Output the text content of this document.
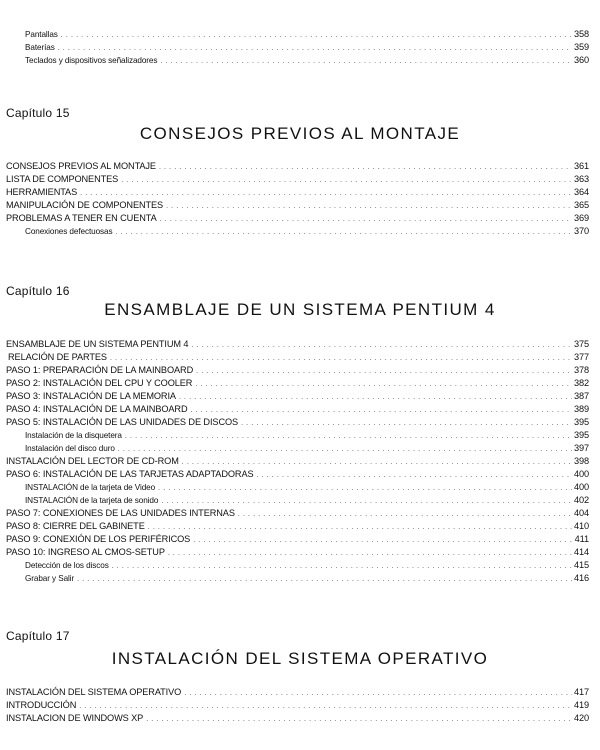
Pantallas . . .	358
Baterías . . .	359
Teclados y dispositivos señalizadores . . .	360
Capítulo 15
CONSEJOS PREVIOS AL MONTAJE
CONSEJOS PREVIOS AL MONTAJE . . .	361
LISTA DE COMPONENTES . . .	363
HERRAMIENTAS . . .	364
MANIPULACIÓN DE COMPONENTES . . .	365
PROBLEMAS A TENER EN CUENTA . . .	369
Conexiones defectuosas . . .	370
Capítulo 16
ENSAMBLAJE DE UN SISTEMA PENTIUM 4
ENSAMBLAJE DE UN SISTEMA PENTIUM 4 . . .	375
RELACIÓN DE PARTES . . .	377
PASO 1: PREPARACIÓN DE LA MAINBOARD . . .	378
PASO 2: INSTALACIÓN DEL CPU Y COOLER . . .	382
PASO 3: INSTALACIÓN DE LA MEMORIA . . .	387
PASO 4: INSTALACIÓN DE LA MAINBOARD . . .	389
PASO 5: INSTALACIÓN DE LAS UNIDADES DE DISCOS . . .	395
Instalación de la disquetera . . .	395
Instalación del disco duro . . .	397
INSTALACIÓN DEL LECTOR DE CD-ROM . . .	398
PASO 6: INSTALACIÓN DE LAS TARJETAS ADAPTADORAS . . .	400
INSTALACIÓN de la tarjeta de Video . . .	400
INSTALACIÓN de la tarjeta de sonido . . .	402
PASO 7: CONEXIONES DE LAS UNIDADES INTERNAS . . .	404
PASO 8: CIERRE DEL GABINETE . . .	410
PASO 9: CONEXIÓN DE LOS PERIFÉRICOS . . .	411
PASO 10: INGRESO AL CMOS-SETUP . . .	414
Detección de los discos . . .	415
Grabar y Salir . . .	416
Capítulo 17
INSTALACIÓN DEL SISTEMA OPERATIVO
INSTALACIÓN DEL SISTEMA OPERATIVO . . .	417
INTRODUCCIÓN . . .	419
INSTALACION DE WINDOWS XP . . .	420
